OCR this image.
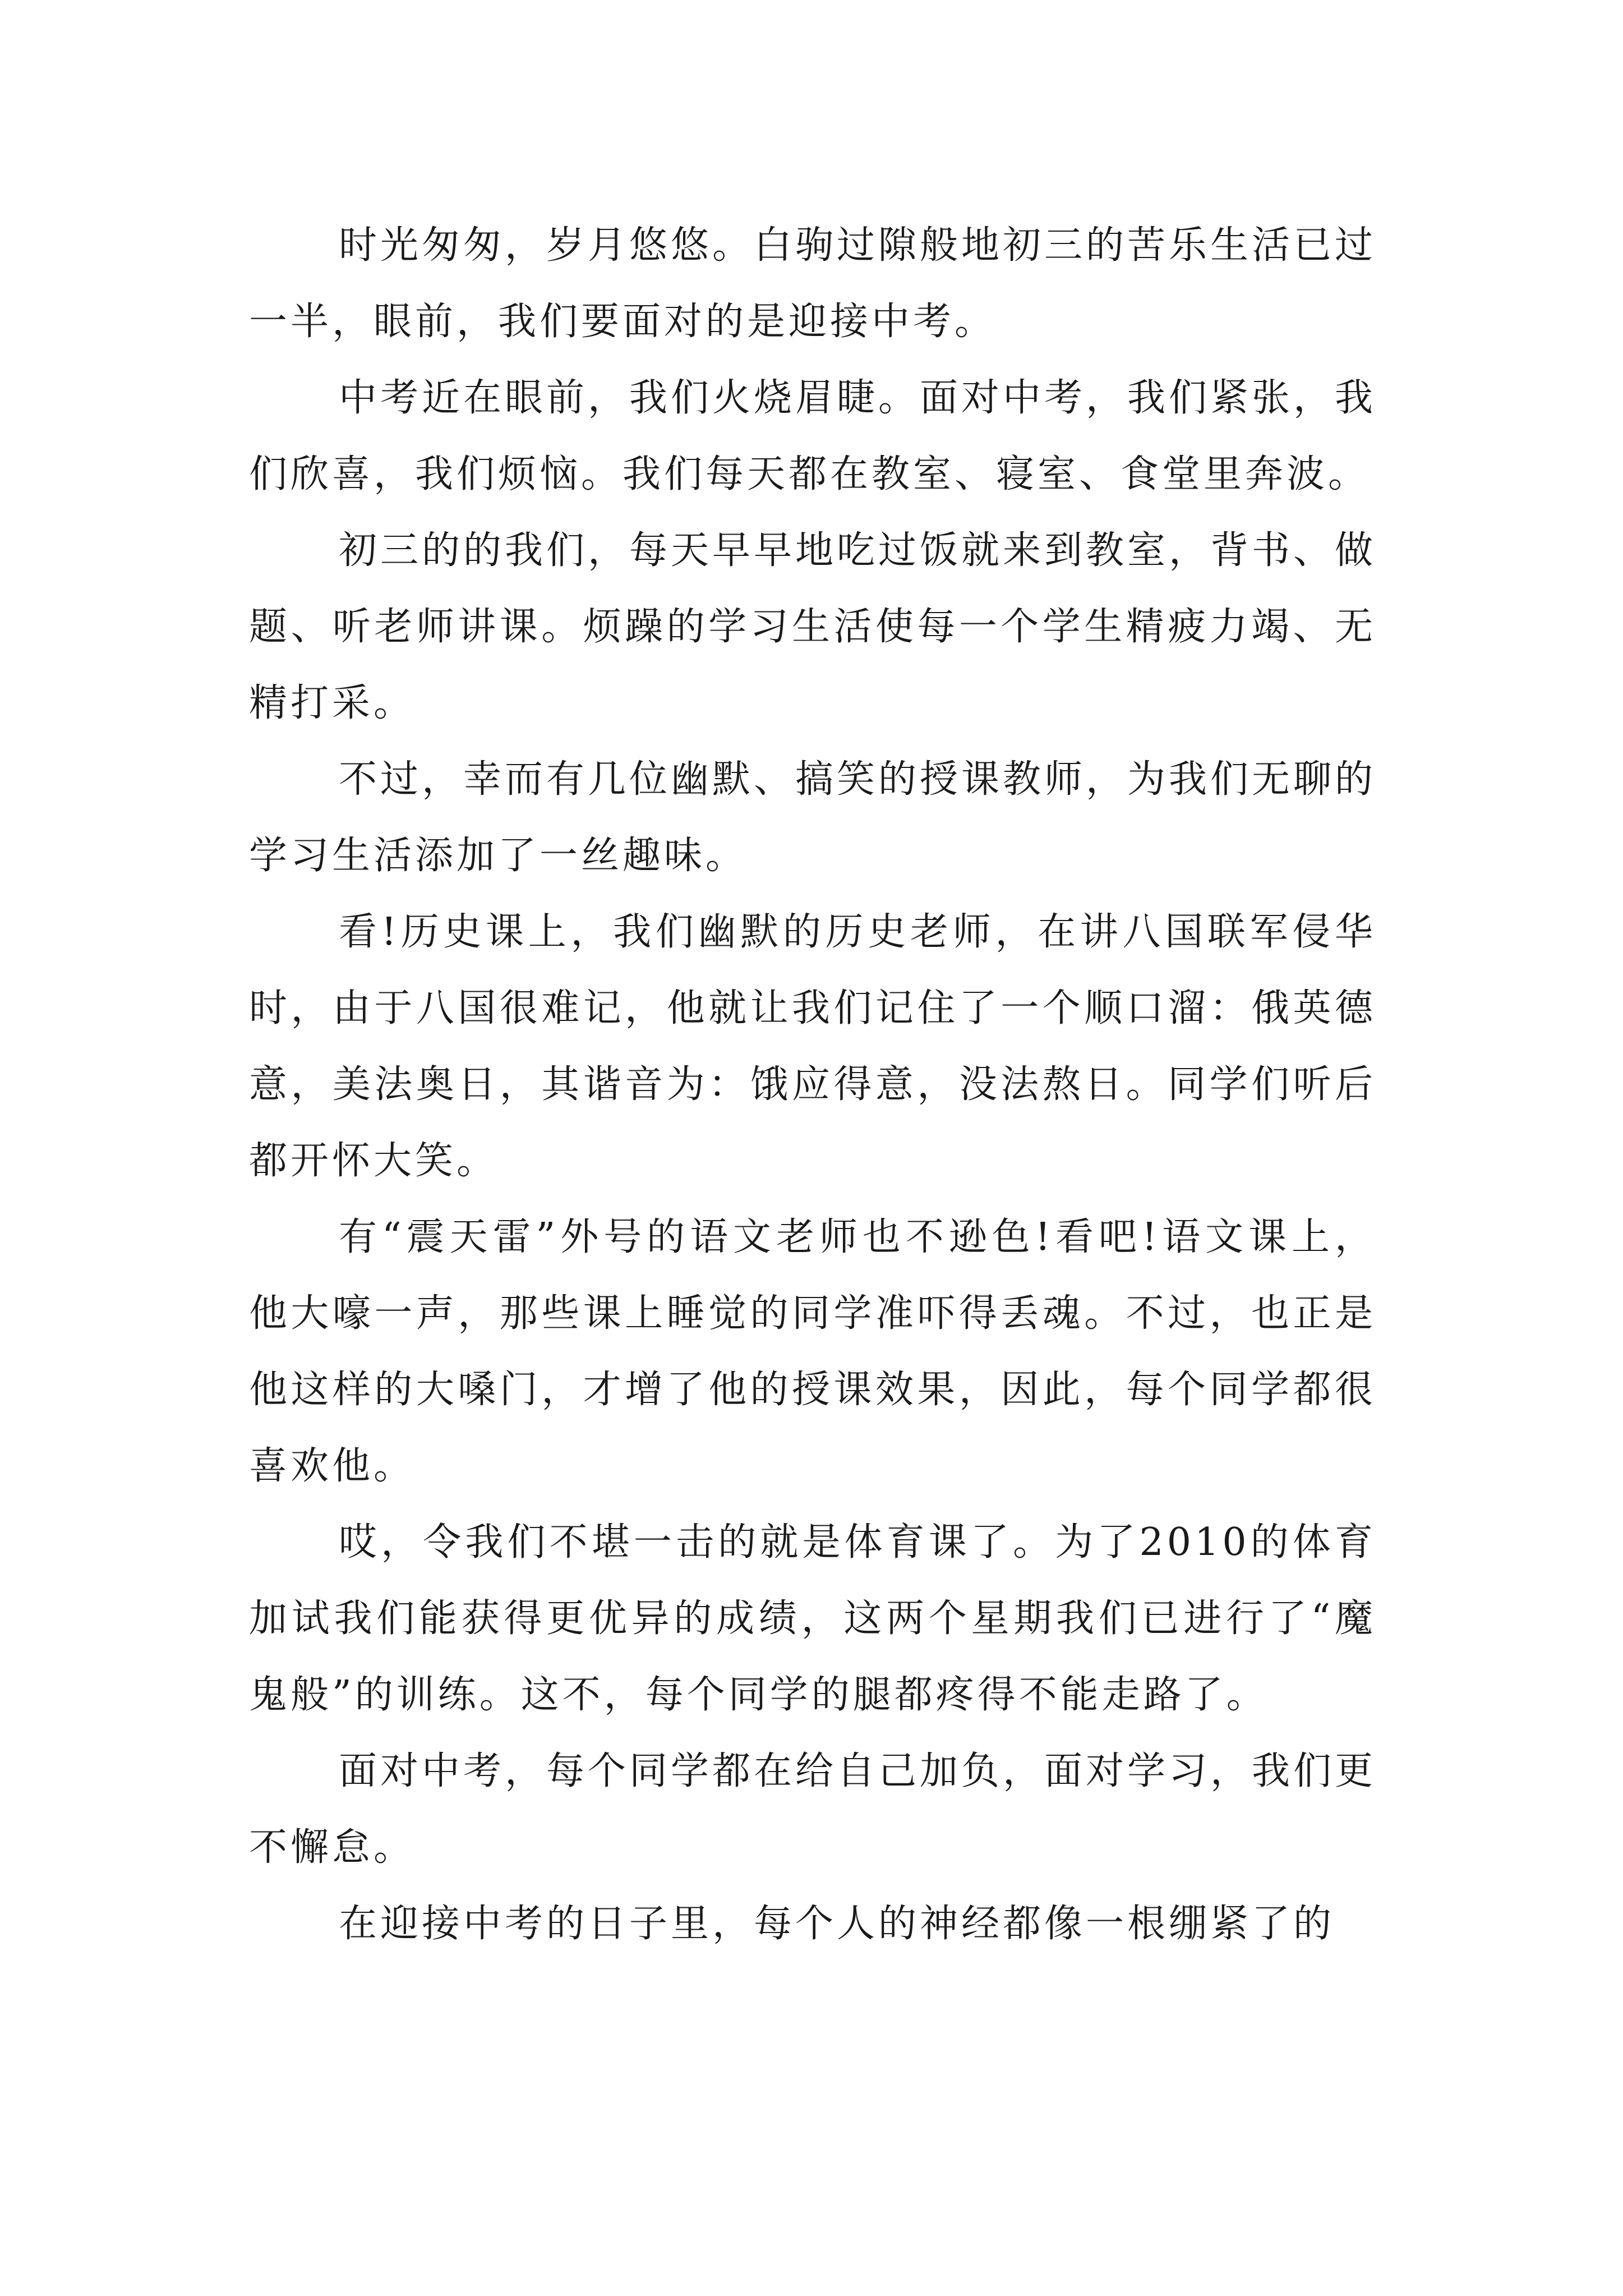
时光匆匆，岁月悠悠。白驹过隙般地初三的苦乐生活已过一半，眼前，我们要面对的是迎接中考。

中考近在眼前，我们火烧眉睫。面对中考，我们紧张，我们欣喜，我们烦恼。我们每天都在教室、寝室、食堂里奔波。

初三的的我们，每天早早地吃过饭就来到教室，背书、做题、听老师讲课。烦躁的学习生活使每一个学生精疲力竭、无精打采。

不过，幸而有几位幽默、搞笑的授课教师，为我们无聊的学习生活添加了一丝趣味。

看!历史课上，我们幽默的历史老师，在讲八国联军侵华时，由于八国很难记，他就让我们记住了一个顺口溜：俄英德意，美法奥日，其谐音为：饿应得意，没法熬日。同学们听后都开怀大笑。

有“震天雷”外号的语文老师也不逊色!看吧!语文课上，他大嚎一声，那些课上睡觉的同学准吓得丢魂。不过，也正是他这样的大嗓门，才增了他的授课效果，因此，每个同学都很喜欢他。

哎，令我们不堪一击的就是体育课了。为了2010的体育加试我们能获得更优异的成绩，这两个星期我们已进行了“魔鬼般”的训练。这不，每个同学的腿都疼得不能走路了。

面对中考，每个同学都在给自己加负，面对学习，我们更不懈怠。

在迎接中考的日子里，每个人的神经都像一根绷紧了的
